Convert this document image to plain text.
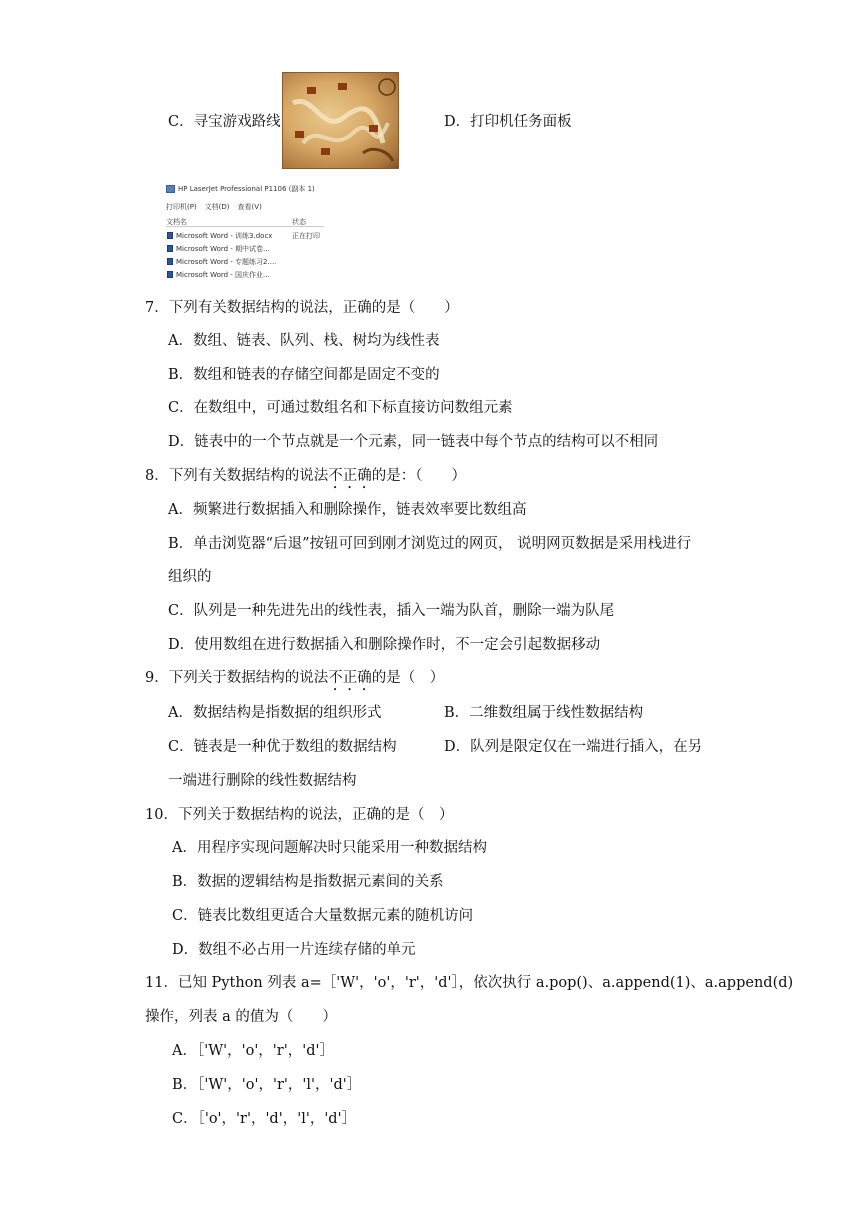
C．寻宝游戏路线	D．打印机任务面板
HP LaserJet Professional P1106 (副本 1)
打印机(P) 文档(D) 查看(V)
文档名	状态
Microsoft Word - 训练3.docx	正在打印
Microsoft Word - 期中试卷...
Microsoft Word - 专题练习2....
Microsoft Word - 国庆作业...
7．下列有关数据结构的说法，正确的是（　　）
A．数组、链表、队列、栈、树均为线性表
B．数组和链表的存储空间都是固定不变的
C．在数组中，可通过数组名和下标直接访问数组元素
D．链表中的一个节点就是一个元素，同一链表中每个节点的结构可以不相同
8．下列有关数据结构的说法不正确的是：（　　）
A．频繁进行数据插入和删除操作，链表效率要比数组高
B．单击浏览器“后退”按钮可回到刚才浏览过的网页， 说明网页数据是采用栈进行
组织的
C．队列是一种先进先出的线性表，插入一端为队首，删除一端为队尾
D．使用数组在进行数据插入和删除操作时，不一定会引起数据移动
9．下列关于数据结构的说法不正确的是（　）
A．数据结构是指数据的组织形式	B．二维数组属于线性数据结构
C．链表是一种优于数组的数据结构	D．队列是限定仅在一端进行插入，在另
一端进行删除的线性数据结构
10．下列关于数据结构的说法，正确的是（　）
A．用程序实现问题解决时只能采用一种数据结构
B．数据的逻辑结构是指数据元素间的关系
C．链表比数组更适合大量数据元素的随机访问
D．数组不必占用一片连续存储的单元
11．已知 Python 列表 a=［'W'，'o'，'r'，'d'］，依次执行 a.pop()、a.append(1)、a.append(d)
操作，列表 a 的值为（　　）
A．［'W'，'o'，'r'，'d'］
B．［'W'，'o'，'r'，'l'，'d'］
C．［'o'，'r'，'d'，'l'，'d'］
